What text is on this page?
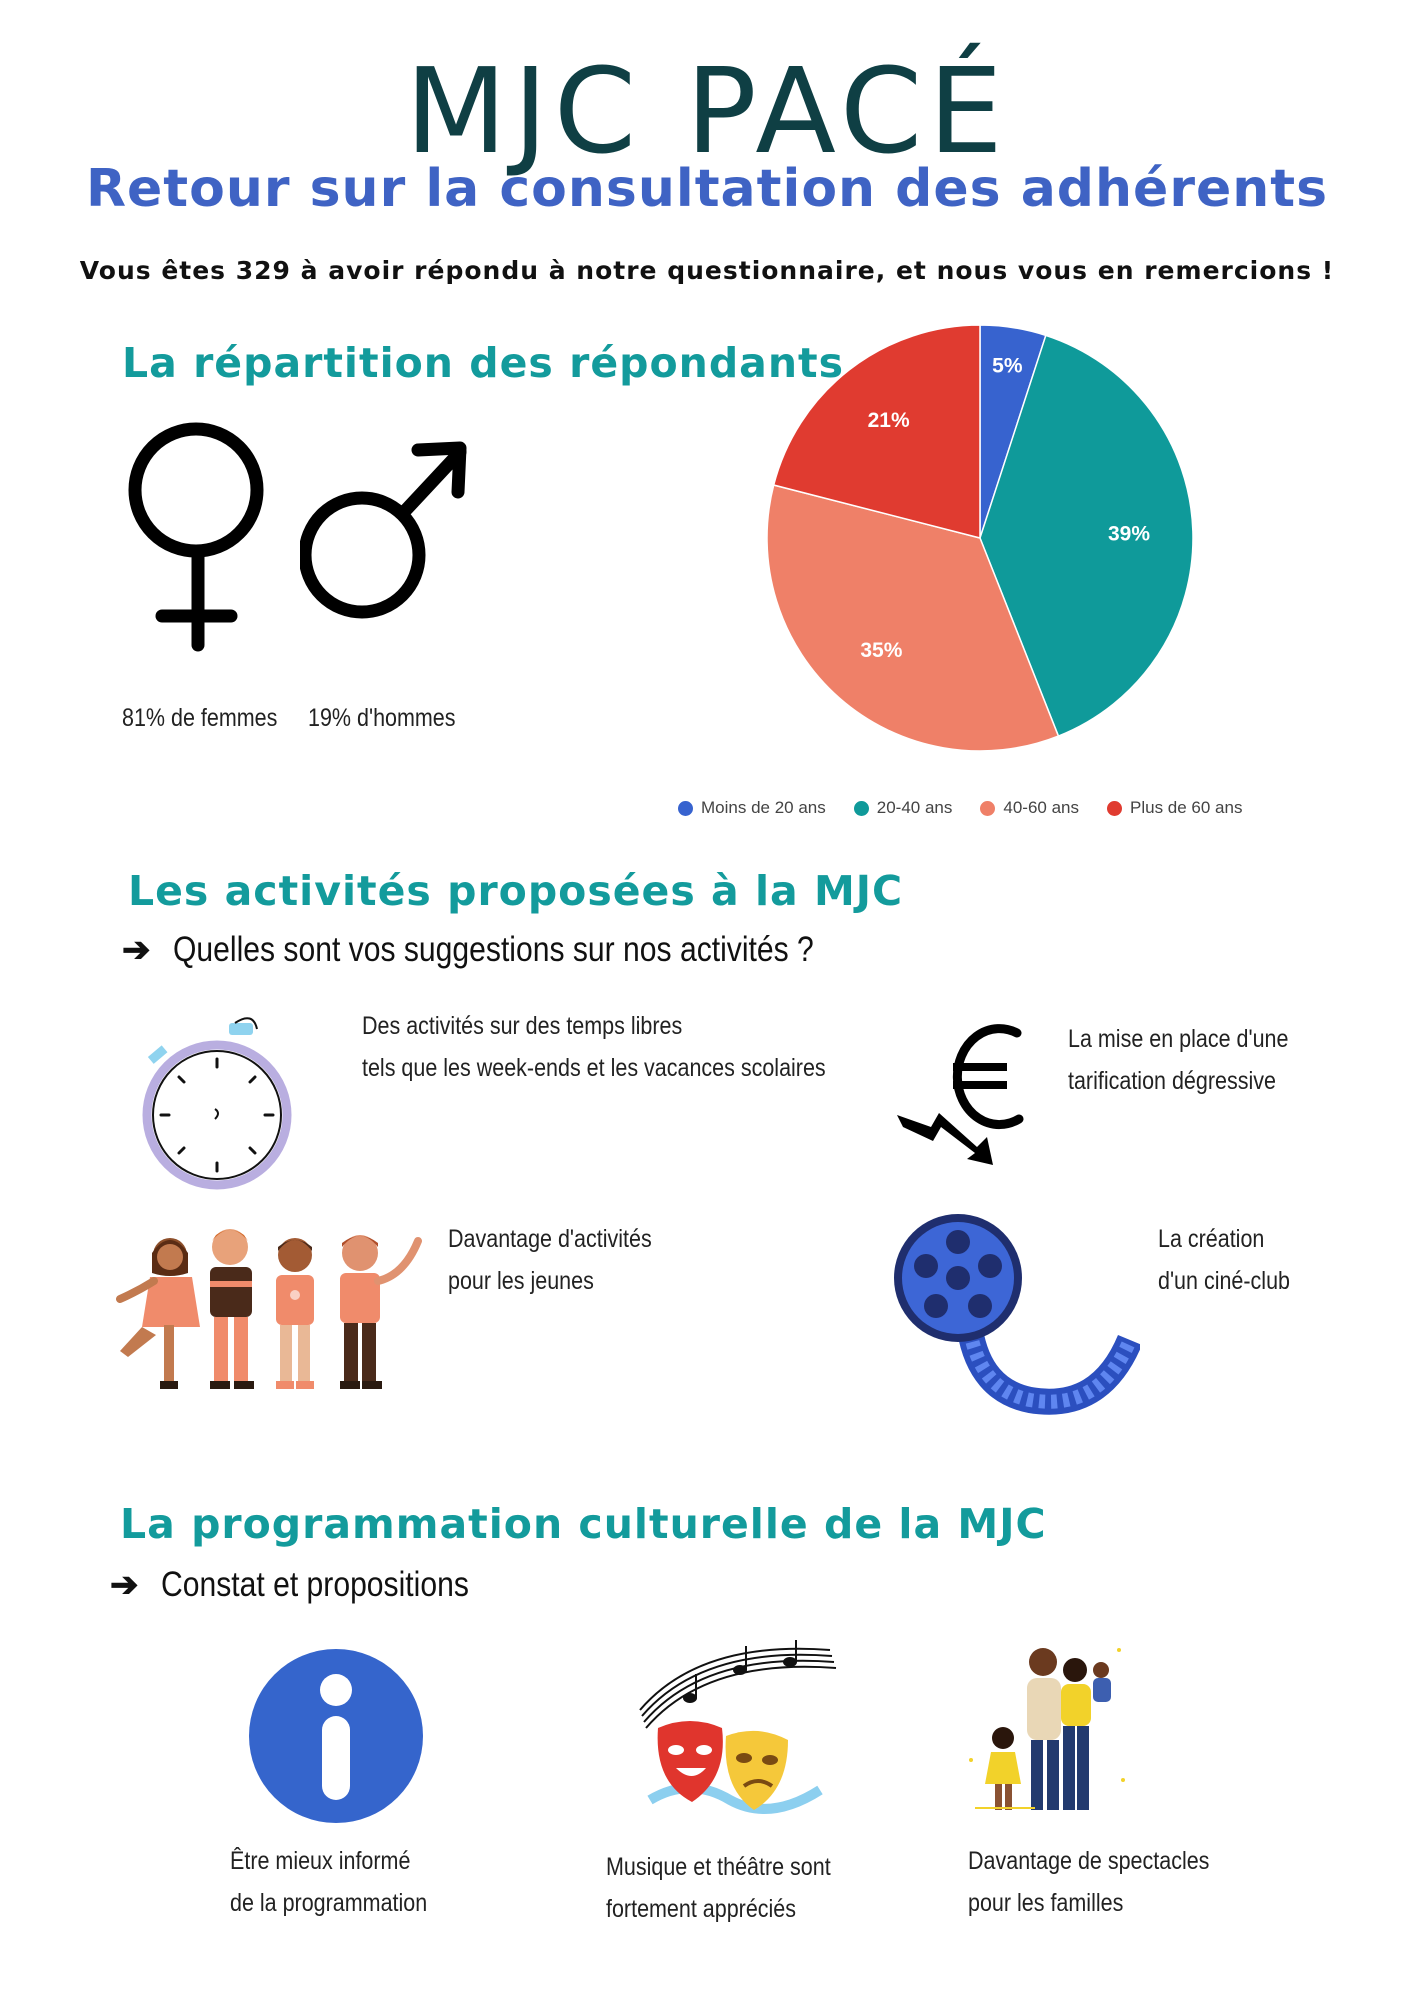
MJC PACÉ
Retour sur la consultation des adhérents
Vous êtes 329 à avoir répondu à notre questionnaire, et nous vous en remercions !
La répartition des répondants
81% de femmes 19% d'hommes
5%
39%
35%
21%
Moins de 20 ans	20-40 ans	40-60 ans	Plus de 60 ans
Les activités proposées à la MJC
➔ Quelles sont vos suggestions sur nos activités ?
Des activités sur des temps libres
tels que les week-ends et les vacances scolaires
La mise en place d'une
tarification dégressive
Davantage d'activités
pour les jeunes
La création
d'un ciné-club
La programmation culturelle de la MJC
➔ Constat et propositions
Être mieux informé
de la programmation
Musique et théâtre sont
fortement appréciés
Davantage de spectacles
pour les familles
